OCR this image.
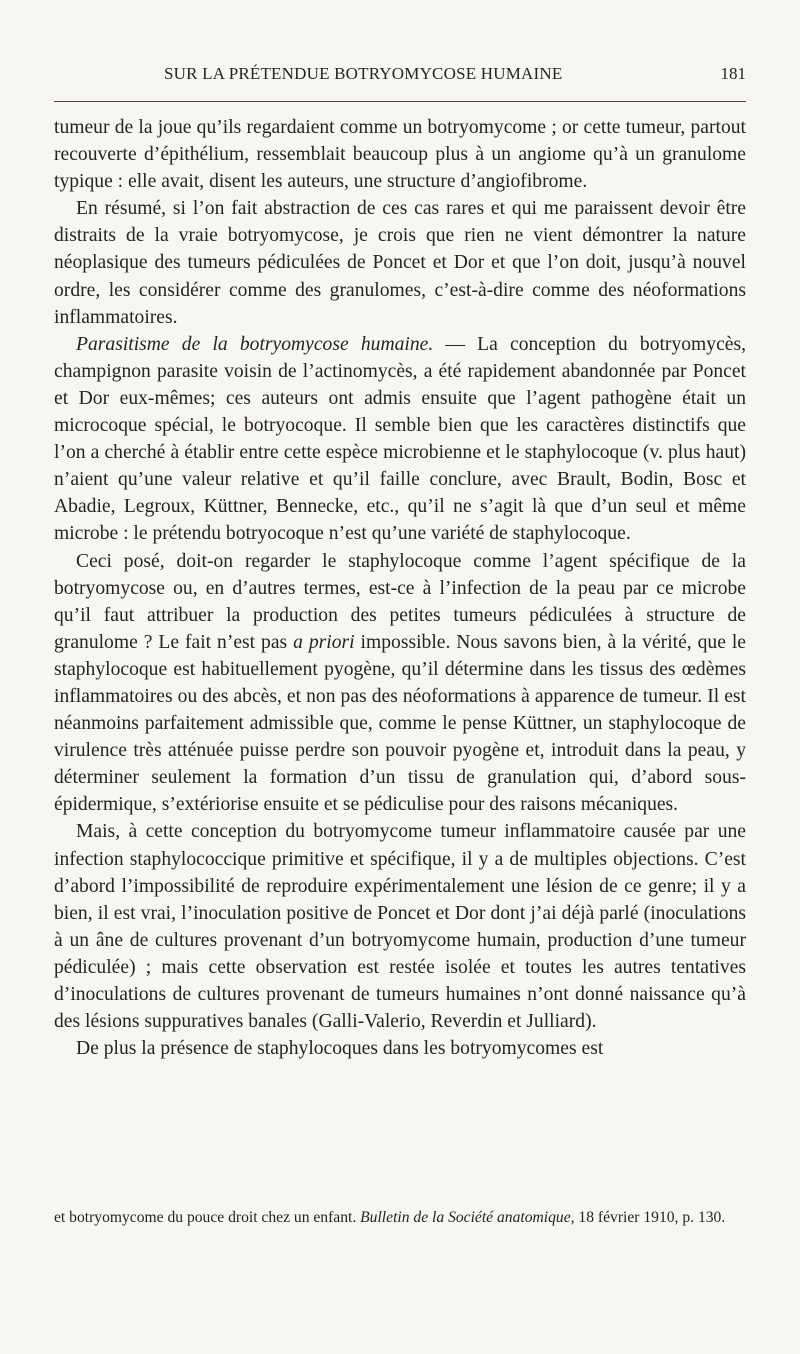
SUR LA PRÉTENDUE BOTRYOMYCOSE HUMAINE	181

tumeur de la joue qu’ils regardaient comme un botryomycome ; or cette tumeur, partout recouverte d’épithélium, ressemblait beaucoup plus à un angiome qu’à un granulome typique : elle avait, disent les auteurs, une structure d’angiofibrome.

En résumé, si l’on fait abstraction de ces cas rares et qui me paraissent devoir être distraits de la vraie botryomycose, je crois que rien ne vient démontrer la nature néoplasique des tumeurs pédiculées de Poncet et Dor et que l’on doit, jusqu’à nouvel ordre, les considérer comme des granulomes, c’est-à-dire comme des néoformations inflammatoires.

Parasitisme de la botryomycose humaine. — La conception du botryomycès, champignon parasite voisin de l’actinomycès, a été rapidement abandonnée par Poncet et Dor eux-mêmes; ces auteurs ont admis ensuite que l’agent pathogène était un microcoque spécial, le botryocoque. Il semble bien que les caractères distinctifs que l’on a cherché à établir entre cette espèce microbienne et le staphylocoque (v. plus haut) n’aient qu’une valeur relative et qu’il faille conclure, avec Brault, Bodin, Bosc et Abadie, Legroux, Küttner, Bennecke, etc., qu’il ne s’agit là que d’un seul et même microbe : le prétendu botryocoque n’est qu’une variété de staphylocoque.

Ceci posé, doit-on regarder le staphylocoque comme l’agent spécifique de la botryomycose ou, en d’autres termes, est-ce à l’infection de la peau par ce microbe qu’il faut attribuer la production des petites tumeurs pédiculées à structure de granulome ? Le fait n’est pas a priori impossible. Nous savons bien, à la vérité, que le staphylocoque est habituellement pyogène, qu’il détermine dans les tissus des œdèmes inflammatoires ou des abcès, et non pas des néoformations à apparence de tumeur. Il est néanmoins parfaitement admissible que, comme le pense Küttner, un staphylocoque de virulence très atténuée puisse perdre son pouvoir pyogène et, introduit dans la peau, y déterminer seulement la formation d’un tissu de granulation qui, d’abord sous-épidermique, s’extériorise ensuite et se pédiculise pour des raisons mécaniques.

Mais, à cette conception du botryomycome tumeur inflammatoire causée par une infection staphylococcique primitive et spécifique, il y a de multiples objections. C’est d’abord l’impossibilité de reproduire expérimentalement une lésion de ce genre; il y a bien, il est vrai, l’inoculation positive de Poncet et Dor dont j’ai déjà parlé (inoculations à un âne de cultures provenant d’un botryomycome humain, production d’une tumeur pédiculée) ; mais cette observation est restée isolée et toutes les autres tentatives d’inoculations de cultures provenant de tumeurs humaines n’ont donné naissance qu’à des lésions suppuratives banales (Galli-Valerio, Reverdin et Julliard).

De plus la présence de staphylocoques dans les botryomycomes est

et botryomycome du pouce droit chez un enfant. Bulletin de la Société anatomique, 18 février 1910, p. 130.
